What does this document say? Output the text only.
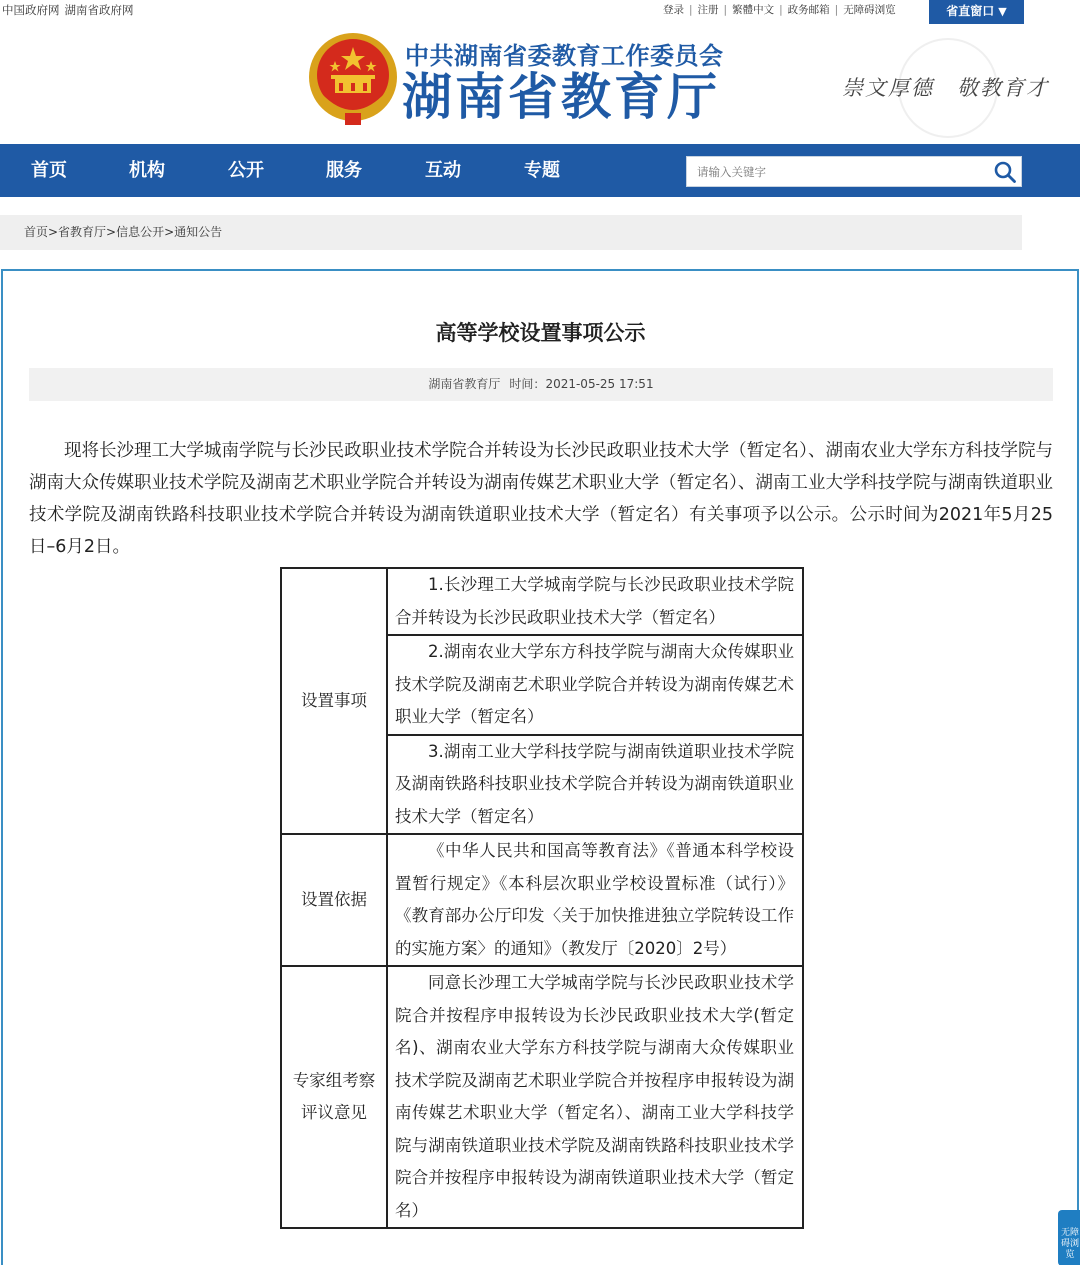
中国政府网 湖南省政府网	登录 | 注册 | 繁體中文 | 政务邮箱 | 无障碍浏览	省直窗口 ▼
中共湖南省委教育工作委员会
湖南省教育厅	崇文厚德　敬教育才
首页	机构	公开	服务	互动	专题
请输入关键字
首页>省教育厅>信息公开>通知公告
高等学校设置事项公示
湖南省教育厅 时间：2021-05-25 17:51
现将长沙理工大学城南学院与长沙民政职业技术学院合并转设为长沙民政职业技术大学（暂定名）、湖南农业大学东方科技学院与湖南大众传媒职业技术学院及湖南艺术职业学院合并转设为湖南传媒艺术职业大学（暂定名）、湖南工业大学科技学院与湖南铁道职业技术学院及湖南铁路科技职业技术学院合并转设为湖南铁道职业技术大学（暂定名）有关事项予以公示。公示时间为2021年5月25日–6月2日。
设置事项	1.长沙理工大学城南学院与长沙民政职业技术学院合并转设为长沙民政职业技术大学（暂定名）
	2.湖南农业大学东方科技学院与湖南大众传媒职业技术学院及湖南艺术职业学院合并转设为湖南传媒艺术职业大学（暂定名）
	3.湖南工业大学科技学院与湖南铁道职业技术学院及湖南铁路科技职业技术学院合并转设为湖南铁道职业技术大学（暂定名）
设置依据	《中华人民共和国高等教育法》《普通本科学校设置暂行规定》《本科层次职业学校设置标准（试行）》《教育部办公厅印发〈关于加快推进独立学院转设工作的实施方案〉的通知》（教发厅〔2020〕2号）
专家组考察
评议意见	同意长沙理工大学城南学院与长沙民政职业技术学院合并按程序申报转设为长沙民政职业技术大学(暂定名)、湖南农业大学东方科技学院与湖南大众传媒职业技术学院及湖南艺术职业学院合并按程序申报转设为湖南传媒艺术职业大学（暂定名）、湖南工业大学科技学院与湖南铁道职业技术学院及湖南铁路科技职业技术学院合并按程序申报转设为湖南铁道职业技术大学（暂定名）
无障碍浏览
